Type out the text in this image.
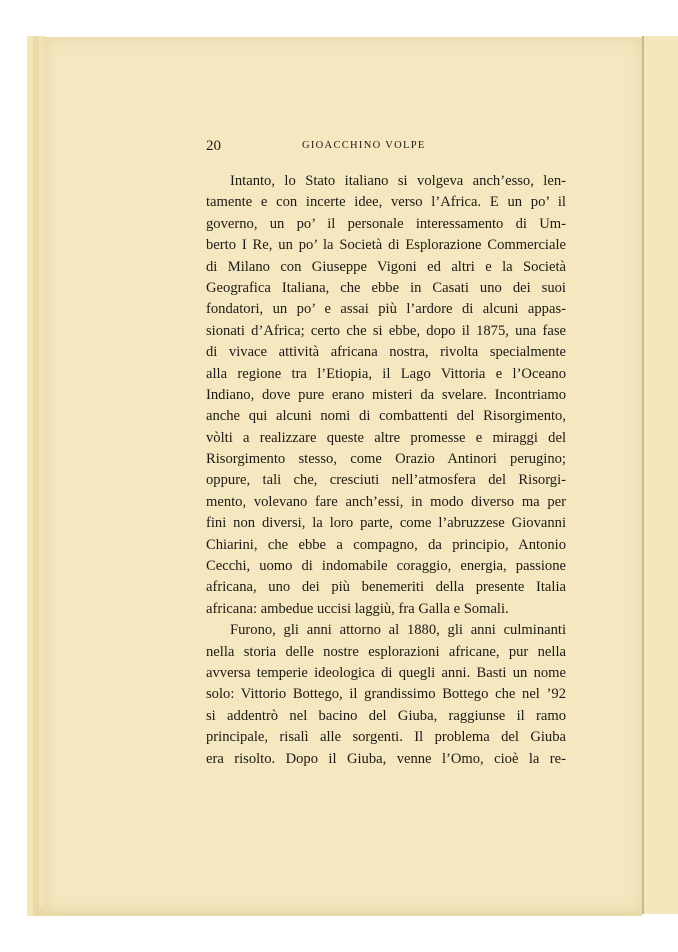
20	GIOACCHINO VOLPE
Intanto, lo Stato italiano si volgeva anch’esso, len-
tamente e con incerte idee, verso l’Africa. E un po’ il
governo, un po’ il personale interessamento di Um-
berto I Re, un po’ la Società di Esplorazione Commerciale
di Milano con Giuseppe Vigoni ed altri e la Società
Geografica Italiana, che ebbe in Casati uno dei suoi
fondatori, un po’ e assai più l’ardore di alcuni appas-
sionati d’Africa; certo che si ebbe, dopo il 1875, una fase
di vivace attività africana nostra, rivolta specialmente
alla regione tra l’Etiopia, il Lago Vittoria e l’Oceano
Indiano, dove pure erano misteri da svelare. Incontriamo
anche qui alcuni nomi di combattenti del Risorgimento,
vòlti a realizzare queste altre promesse e miraggi del
Risorgimento stesso, come Orazio Antinori perugino;
oppure, tali che, cresciuti nell’atmosfera del Risorgi-
mento, volevano fare anch’essi, in modo diverso ma per
fini non diversi, la loro parte, come l’abruzzese Giovanni
Chiarini, che ebbe a compagno, da principio, Antonio
Cecchi, uomo di indomabile coraggio, energia, passione
africana, uno dei più benemeriti della presente Italia
africana: ambedue uccisi laggiù, fra Galla e Somali.
Furono, gli anni attorno al 1880, gli anni culminanti
nella storia delle nostre esplorazioni africane, pur nella
avversa temperie ideologica di quegli anni. Basti un nome
solo: Vittorio Bottego, il grandissimo Bottego che nel ’92
si addentrò nel bacino del Giuba, raggiunse il ramo
principale, risalì alle sorgenti. Il problema del Giuba
era risolto. Dopo il Giuba, venne l’Omo, cioè la re-
